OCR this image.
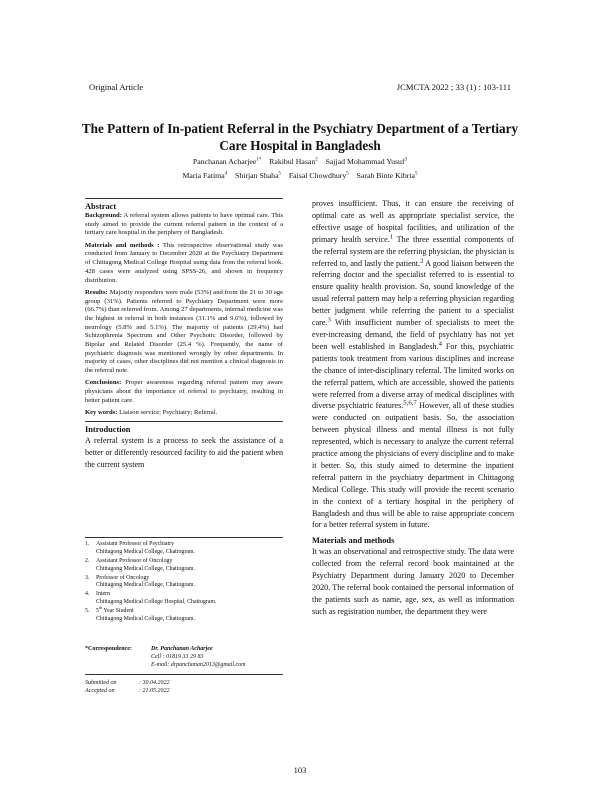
Original Article	JCMCTA 2022 ; 33 (1) : 103-111
The Pattern of In-patient Referral in the Psychiatry Department of a Tertiary Care Hospital in Bangladesh
Panchanan Acharjee$^{1*}$ Rakibul Hasan$^2$ Sajjad Mohammad Yusuf$^3$
Maria Fatima$^4$ Shirjan Shaha$^5$ Faisal Chowdhury$^5$ Sarah Binte Kibria$^5$
Abstract

Background: A referral system allows patients to have optimal care. This study aimed to provide the current referral pattern in the context of a tertiary care hospital in the periphery of Bangladesh.

Materials and methods : This retrospective observational study was conducted from January to December 2020 at the Psychiatry Department of Chittagong Medical College Hospital using data from the referral book. 428 cases were analyzed using SPSS-26, and shown in frequency distribution.

Results: Majority responders were male (53%) and from the 21 to 30 age group (31%). Patients referred to Psychiatry Department were more (66.7%) than referred from. Among 27 departments, internal medicine was the highest in referral in both instances (31.1% and 9.6%), followed by neurology (5.8% and 5.1%). The majority of patients (29.4%) had Schizophrenia Spectrum and Other Psychotic Disorder, followed by Bipolar and Related Disorder (25.4 %). Frequently, the name of psychiatric diagnosis was mentioned wrongly by other departments. In majority of cases, other disciplines did not mention a clinical diagnosis in the referral note.

Conclusions: Proper awareness regarding referral pattern may aware physicians about the importance of referral to psychiatry, resulting in better patient care.

Key words: Liaison service; Psychiatry; Referral.

Introduction

A referral system is a process to seek the assistance of a better or differently resourced facility to aid the patient when the current system

1.	Assistant Professor of Psychiatry
Chittagong Medical College, Chattogram.
2.	Assistant Professor of Oncology
Chittagong Medical College, Chattogram.
3.	Professor of Oncology
Chittagong Medical College, Chattogram.
4.	Intern
Chittagong Medical College Hospital, Chattogram.
5.	5th Year Student
Chittagong Medical College, Chattogram.
*Correspondence:	Dr. Panchanan Acharjee
Cell : 01819 33 29 83
E-mail: drpanchanan2013@gmail.com
Submitted on	: 30.04.2022
Accepted on	: 21.05.2022

proves insufficient. Thus, it can ensure the receiving of optimal care as well as appropriate specialist service, the effective usage of hospital facilities, and utilization of the primary health service.$^1$ The three essential components of the referral system are the referring physician, the physician is referred to, and lastly the patient.$^2$ A good liaison between the referring doctor and the specialist referred to is essential to ensure quality health provision. So, sound knowledge of the usual referral pattern may help a referring physician regarding better judgment while referring the patient to a specialist care.$^3$ With insufficient number of specialists to meet the ever-increasing demand, the field of psychiatry has not yet been well established in Bangladesh.$^4$ For this, psychiatric patients took treatment from various disciplines and increase the chance of inter-disciplinary referral. The limited works on the referral pattern, which are accessible, showed the patients were referred from a diverse array of medical disciplines with diverse psychiatric features.$^{5,6,7}$ However, all of these studies were conducted on outpatient basis. So, the association between physical illness and mental illness is not fully represented, which is necessary to analyze the current referral practice among the physicians of every discipline and to make it better. So, this study aimed to determine the inpatient referral pattern in the psychiatry department in Chittagong Medical College. This study will provide the recent scenario in the context of a tertiary hospital in the periphery of Bangladesh and thus will be able to raise appropriate concern for a better referral system in future.

Materials and methods

It was an observational and retrospective study. The data were collected from the referral record book maintained at the Psychiatry Department during January 2020 to December 2020. The referral book contained the personal information of the patients such as name, age, sex, as well as information such as registration number, the department they were

103
